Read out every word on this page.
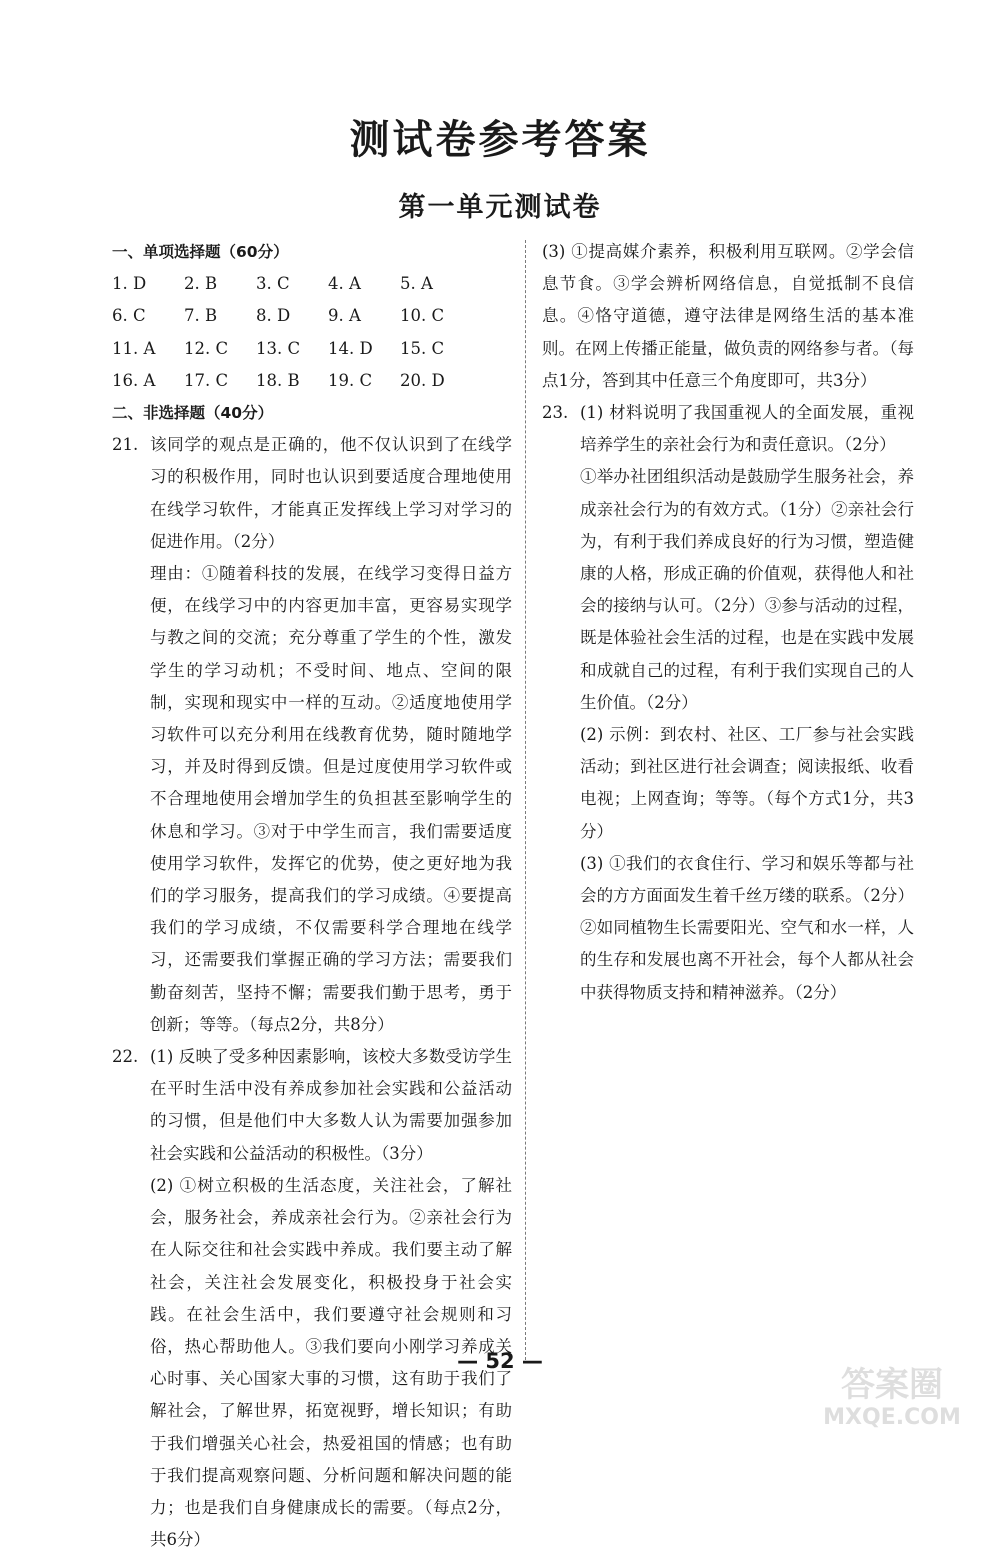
测试卷参考答案
第一单元测试卷
一、单项选择题（60分）
1. D	2. B	3. C	4. A	5. A
6. C	7. B	8. D	9. A	10. C
11. A	12. C	13. C	14. D	15. C
16. A	17. C	18. B	19. C	20. D
二、非选择题（40分）
21. 该同学的观点是正确的，他不仅认识到了在线学习的积极作用，同时也认识到要适度合理地使用在线学习软件，才能真正发挥线上学习对学习的促进作用。（2分）
理由：①随着科技的发展，在线学习变得日益方便，在线学习中的内容更加丰富，更容易实现学与教之间的交流；充分尊重了学生的个性，激发学生的学习动机；不受时间、地点、空间的限制，实现和现实中一样的互动。②适度地使用学习软件可以充分利用在线教育优势，随时随地学习，并及时得到反馈。但是过度使用学习软件或不合理地使用会增加学生的负担甚至影响学生的休息和学习。③对于中学生而言，我们需要适度使用学习软件，发挥它的优势，使之更好地为我们的学习服务，提高我们的学习成绩。④要提高我们的学习成绩，不仅需要科学合理地在线学习，还需要我们掌握正确的学习方法；需要我们勤奋刻苦，坚持不懈；需要我们勤于思考，勇于创新；等等。（每点2分，共8分）
22. (1) 反映了受多种因素影响，该校大多数受访学生在平时生活中没有养成参加社会实践和公益活动的习惯，但是他们中大多数人认为需要加强参加社会实践和公益活动的积极性。（3分）
(2) ①树立积极的生活态度，关注社会，了解社会，服务社会，养成亲社会行为。②亲社会行为在人际交往和社会实践中养成。我们要主动了解社会，关注社会发展变化，积极投身于社会实践。在社会生活中，我们要遵守社会规则和习俗，热心帮助他人。③我们要向小刚学习养成关心时事、关心国家大事的习惯，这有助于我们了解社会，了解世界，拓宽视野，增长知识；有助于我们增强关心社会，热爱祖国的情感；也有助于我们提高观察问题、分析问题和解决问题的能力；也是我们自身健康成长的需要。（每点2分，共6分）
(3) ①提高媒介素养，积极利用互联网。②学会信息节食。③学会辨析网络信息，自觉抵制不良信息。④恪守道德，遵守法律是网络生活的基本准则。在网上传播正能量，做负责的网络参与者。（每点1分，答到其中任意三个角度即可，共3分）
23. (1) 材料说明了我国重视人的全面发展，重视培养学生的亲社会行为和责任意识。（2分）
①举办社团组织活动是鼓励学生服务社会，养成亲社会行为的有效方式。（1分）②亲社会行为，有利于我们养成良好的行为习惯，塑造健康的人格，形成正确的价值观，获得他人和社会的接纳与认可。（2分）③参与活动的过程，既是体验社会生活的过程，也是在实践中发展和成就自己的过程，有利于我们实现自己的人生价值。（2分）
(2) 示例：到农村、社区、工厂参与社会实践活动；到社区进行社会调查；阅读报纸、收看电视；上网查询；等等。（每个方式1分，共3分）
(3) ①我们的衣食住行、学习和娱乐等都与社会的方方面面发生着千丝万缕的联系。（2分）②如同植物生长需要阳光、空气和水一样，人的生存和发展也离不开社会，每个人都从社会中获得物质支持和精神滋养。（2分）
— 52 —
答案圈
MXQE.COM
